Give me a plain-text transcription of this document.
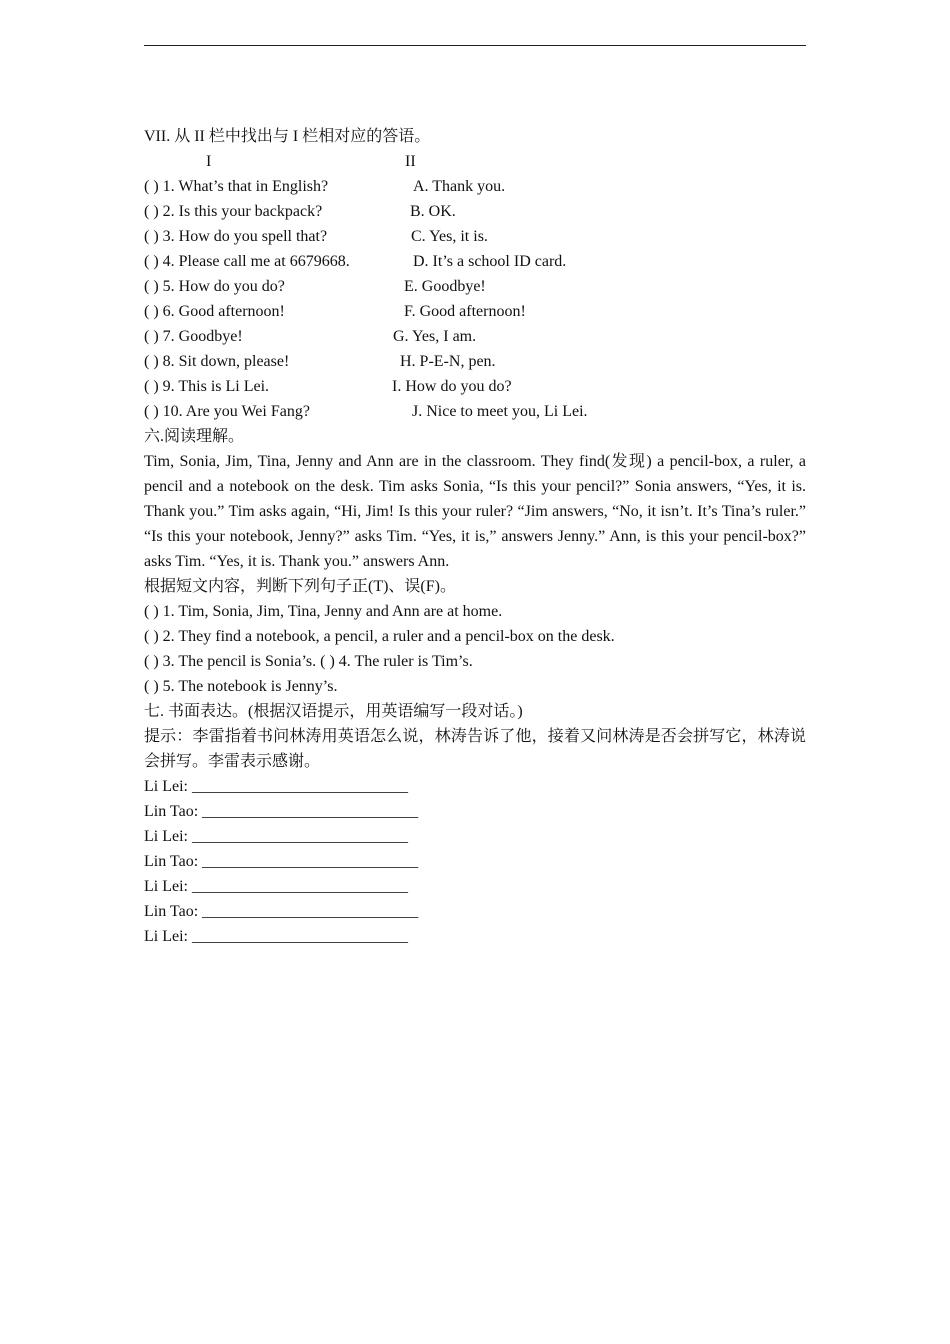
VII. 从 II 栏中找出与 I 栏相对应的答语。
I	II
( ) 1. What’s that in English?	A. Thank you.
( ) 2. Is this your backpack?	B. OK.
( ) 3. How do you spell that?	C. Yes, it is.
( ) 4. Please call me at 6679668.	D. It’s a school ID card.
( ) 5. How do you do?	E. Goodbye!
( ) 6. Good afternoon!	F. Good afternoon!
( ) 7. Goodbye!	G. Yes, I am.
( ) 8. Sit down, please!	H. P-E-N, pen.
( ) 9. This is Li Lei.	I. How do you do?
( ) 10. Are you Wei Fang?	J. Nice to meet you, Li Lei.
六.阅读理解。

Tim, Sonia, Jim, Tina, Jenny and Ann are in the classroom. They find(发现) a pencil-box, a ruler, a pencil and a notebook on the desk. Tim asks Sonia, “Is this your pencil?” Sonia answers, “Yes, it is. Thank you.” Tim asks again, “Hi, Jim! Is this your ruler? “Jim answers, “No, it isn’t. It’s Tina’s ruler.” “Is this your notebook, Jenny?” asks Tim. “Yes, it is,” answers Jenny.” Ann, is this your pencil-box?” asks Tim. “Yes, it is. Thank you.” answers Ann.

根据短文内容，判断下列句子正(T)、误(F)。
( ) 1. Tim, Sonia, Jim, Tina, Jenny and Ann are at home.
( ) 2. They find a notebook, a pencil, a ruler and a pencil-box on the desk.
( ) 3. The pencil is Sonia’s. ( ) 4. The ruler is Tim’s.
( ) 5. The notebook is Jenny’s.
七. 书面表达。(根据汉语提示，用英语编写一段对话。)

提示：李雷指着书问林涛用英语怎么说，林涛告诉了他，接着又问林涛是否会拼写它，林涛说会拼写。李雷表示感谢。

Li Lei: ___________________________
Lin Tao: ___________________________
Li Lei: ___________________________
Lin Tao: ___________________________
Li Lei: ___________________________
Lin Tao: ___________________________
Li Lei: ___________________________
